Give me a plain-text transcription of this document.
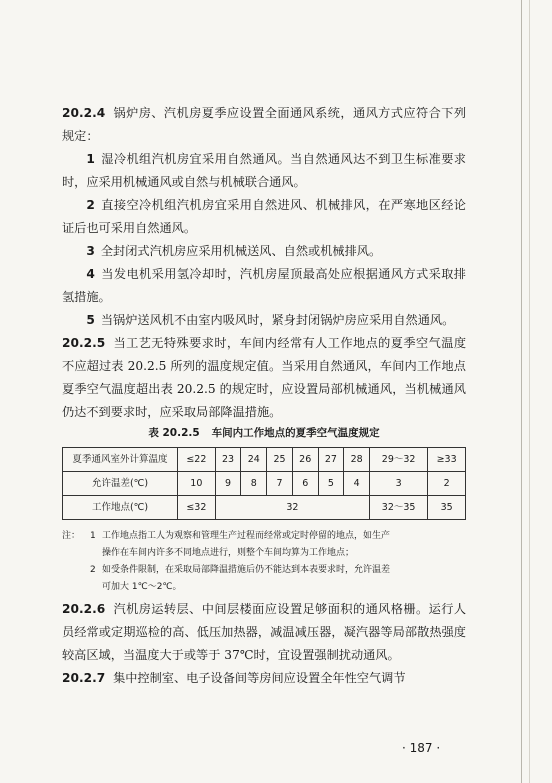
20.2.4 锅炉房、汽机房夏季应设置全面通风系统，通风方式应符合下列规定：

1 湿冷机组汽机房宜采用自然通风。当自然通风达不到卫生标准要求时，应采用机械通风或自然与机械联合通风。

2 直接空冷机组汽机房宜采用自然进风、机械排风，在严寒地区经论证后也可采用自然通风。

3 全封闭式汽机房应采用机械送风、自然或机械排风。

4 当发电机采用氢冷却时，汽机房屋顶最高处应根据通风方式采取排氢措施。

5 当锅炉送风机不由室内吸风时，紧身封闭锅炉房应采用自然通风。

20.2.5 当工艺无特殊要求时，车间内经常有人工作地点的夏季空气温度不应超过表 20.2.5 所列的温度规定值。当采用自然通风，车间内工作地点夏季空气温度超出表 20.2.5 的规定时，应设置局部机械通风，当机械通风仍达不到要求时，应采取局部降温措施。

表 20.2.5 车间内工作地点的夏季空气温度规定
夏季通风室外计算温度	≤22	23	24	25	26	27	28	29～32	≥33
允许温差(℃)	10	9	8	7	6	5	4	3	2
工作地点(℃)	≤32	32						32～35	35
注：	1 工作地点指工人为观察和管理生产过程而经常或定时停留的地点，如生产
操作在车间内许多不同地点进行，则整个车间均算为工作地点；
2 如受条件限制，在采取局部降温措施后仍不能达到本表要求时，允许温差
可加大 1℃～2℃。

20.2.6 汽机房运转层、中间层楼面应设置足够面积的通风格栅。运行人员经常或定期巡检的高、低压加热器，减温减压器，凝汽器等局部散热强度较高区域，当温度大于或等于 37℃时，宜设置强制扰动通风。

20.2.7 集中控制室、电子设备间等房间应设置全年性空气调节

· 187 ·
